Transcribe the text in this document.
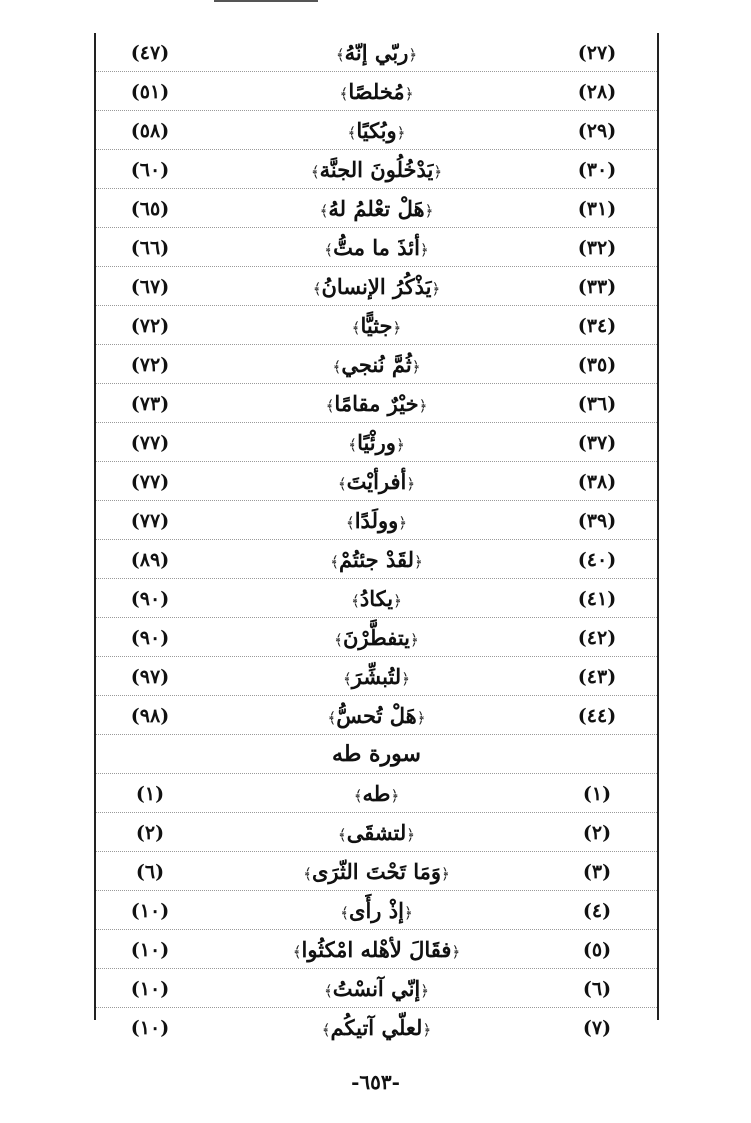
(٢٧)
﴿ربّي إنّهُ﴾
(٤٧)
(٢٨)
﴿مُخلصًا﴾
(٥١)
(٢٩)
﴿وبُكيًا﴾
(٥٨)
(٣٠)
﴿يَدْخُلُونَ الجنَّة﴾
(٦٠)
(٣١)
﴿هَلْ تعْلمُ لهُ﴾
(٦٥)
(٣٢)
﴿أئذَ ما متُّ﴾
(٦٦)
(٣٣)
﴿يَذْكُرُ الإنسانُ﴾
(٦٧)
(٣٤)
﴿جثيًّا﴾
(٧٢)
(٣٥)
﴿ثُمَّ نُنجي﴾
(٧٢)
(٣٦)
﴿خيْرٌ مقامًا﴾
(٧٣)
(٣٧)
﴿ورئْيًا﴾
(٧٧)
(٣٨)
﴿أفرأيْتَ﴾
(٧٧)
(٣٩)
﴿وولَدًا﴾
(٧٧)
(٤٠)
﴿لقَدْ جئتُمْ﴾
(٨٩)
(٤١)
﴿يكادُ﴾
(٩٠)
(٤٢)
﴿يتفطَّرْنَ﴾
(٩٠)
(٤٣)
﴿لتُبشِّرَ﴾
(٩٧)
(٤٤)
﴿هَلْ تُحسُّ﴾
(٩٨)
سورة طه
(١)
﴿طه﴾
(١)
(٢)
﴿لتشقَى﴾
(٢)
(٣)
﴿وَمَا تَحْتَ الثّرَى﴾
(٦)
(٤)
﴿إذْ رأَى﴾
(١٠)
(٥)
﴿فقَالَ لأهْله امْكثُوا﴾
(١٠)
(٦)
﴿إنّي آنسْتُ﴾
(١٠)
(٧)
﴿لعلّي آتيكُم﴾
(١٠)
-٦٥٣-
